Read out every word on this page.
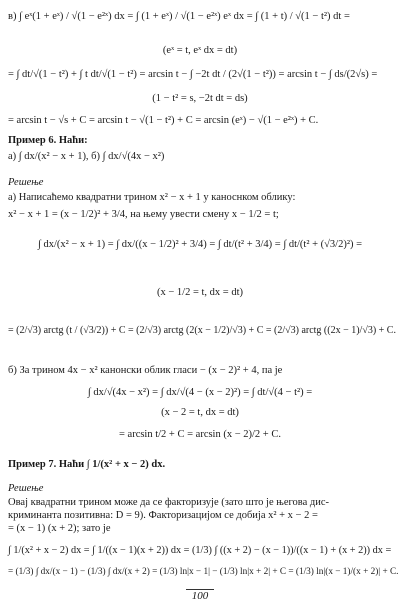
в) ∫ eˣ(1 + eˣ) / √(1 − e²ˣ) dx = ∫ (1 + eˣ) / √(1 − e²ˣ) eˣ dx = ∫ (1 + t) / √(1 − t²) dt =
(eˣ = t, eˣ dx = dt)
= ∫ dt/√(1 − t²) + ∫ t dt/√(1 − t²) = arcsin t − ∫ −2t dt / (2√(1 − t²)) = arcsin t − ∫ ds/(2√s) =
(1 − t² = s, −2t dt = ds)
= arcsin t − √s + C = arcsin t − √(1 − t²) + C = arcsin (eˣ) − √(1 − e²ˣ) + C.
Пример 6. Наћи:
а) ∫ dx/(x² − x + 1), б) ∫ dx/√(4x − x²)
Решење
а) Написаћемо квадратни трином x² − x + 1 у каноснком облику:
x² − x + 1 = (x − 1/2)² + 3/4, на њему увести смену x − 1/2 = t;
∫ dx/(x² − x + 1) = ∫ dx/((x − 1/2)² + 3/4) = ∫ dt/(t² + 3/4) = ∫ dt/(t² + (√3/2)²) =
(x − 1/2 = t, dx = dt)
= (2/√3) arctg (t / (√3/2)) + C = (2/√3) arctg (2(x − 1/2)/√3) + C = (2/√3) arctg ((2x − 1)/√3) + C.
б) За трином 4x − x² канонски облик гласи − (x − 2)² + 4, па је
∫ dx/√(4x − x²) = ∫ dx/√(4 − (x − 2)²) = ∫ dt/√(4 − t²) =
(x − 2 = t, dx = dt)
= arcsin t/2 + C = arcsin (x − 2)/2 + C.
Пример 7. Наћи ∫ 1/(x² + x − 2) dx.
Решење
Овај квадратни трином може да се факторизује (зато што је његова дис-
криминанта позитивна: D = 9). Факторизацијом се добија x² + x − 2 =
= (x − 1) (x + 2); зато је
∫ 1/(x² + x − 2) dx = ∫ 1/((x − 1)(x + 2)) dx = (1/3) ∫ ((x + 2) − (x − 1))/((x − 1) + (x + 2)) dx =
= (1/3) ∫ dx/(x − 1) − (1/3) ∫ dx/(x + 2) = (1/3) ln|x − 1| − (1/3) ln|x + 2| + C = (1/3) ln|(x − 1)/(x + 2)| + C.
100
